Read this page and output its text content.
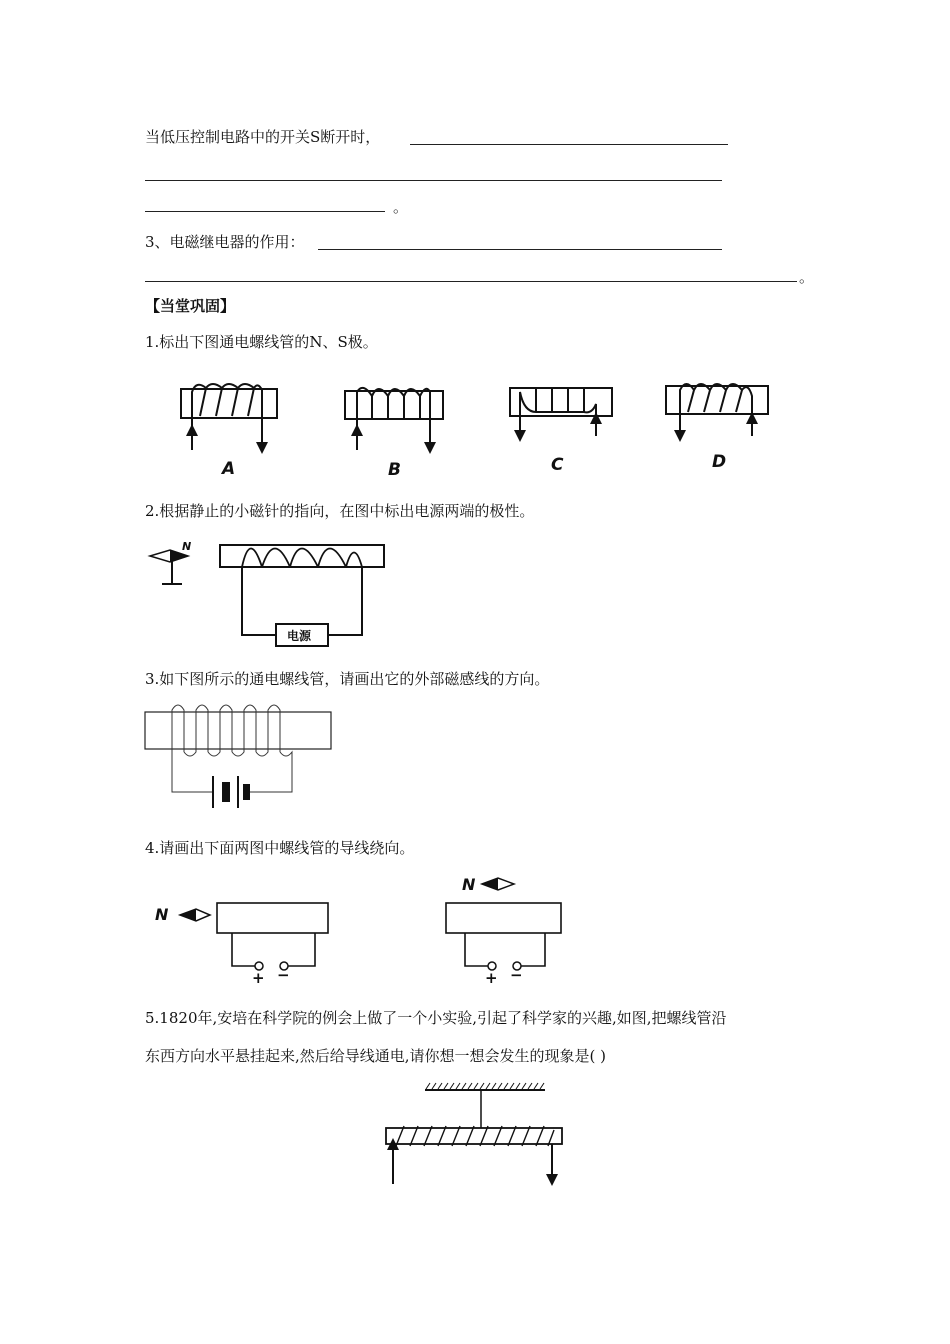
当低压控制电路中的开关S断开时，
。
3、电磁继电器的作用：
。
【当堂巩固】
1.标出下图通电螺线管的N、S极。
A	B	C	D
2.根据静止的小磁针的指向，在图中标出电源两端的极性。
N
电源
3.如下图所示的通电螺线管，请画出它的外部磁感线的方向。
4.请画出下面两图中螺线管的导线绕向。
N
+ −
N
+ −
5.1820年,安培在科学院的例会上做了一个小实验,引起了科学家的兴趣,如图,把螺线管沿
东西方向水平悬挂起来,然后给导线通电,请你想一想会发生的现象是( )
